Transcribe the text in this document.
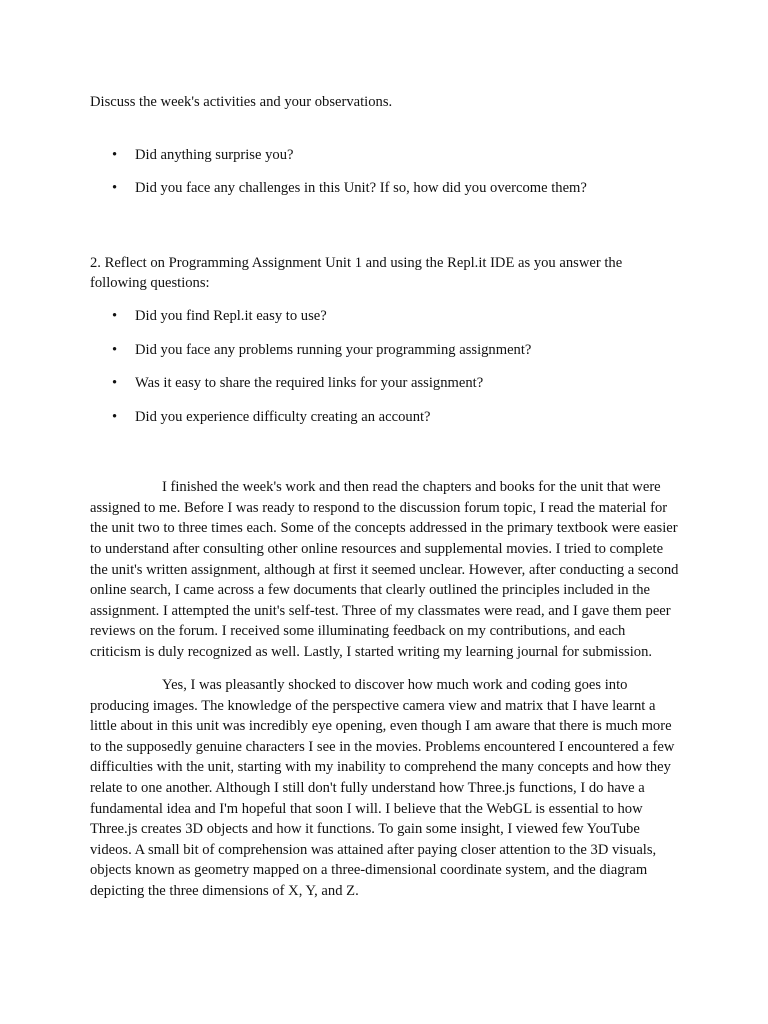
Discuss the week's activities and your observations.

• Did anything surprise you?
• Did you face any challenges in this Unit? If so, how did you overcome them?

2. Reflect on Programming Assignment Unit 1 and using the Repl.it IDE as you answer the following questions:

• Did you find Repl.it easy to use?
• Did you face any problems running your programming assignment?
• Was it easy to share the required links for your assignment?
• Did you experience difficulty creating an account?

I finished the week's work and then read the chapters and books for the unit that were assigned to me. Before I was ready to respond to the discussion forum topic, I read the material for the unit two to three times each. Some of the concepts addressed in the primary textbook were easier to understand after consulting other online resources and supplemental movies. I tried to complete the unit's written assignment, although at first it seemed unclear. However, after conducting a second online search, I came across a few documents that clearly outlined the principles included in the assignment. I attempted the unit's self-test. Three of my classmates were read, and I gave them peer reviews on the forum. I received some illuminating feedback on my contributions, and each criticism is duly recognized as well. Lastly, I started writing my learning journal for submission.

Yes, I was pleasantly shocked to discover how much work and coding goes into producing images. The knowledge of the perspective camera view and matrix that I have learnt a little about in this unit was incredibly eye opening, even though I am aware that there is much more to the supposedly genuine characters I see in the movies. Problems encountered I encountered a few difficulties with the unit, starting with my inability to comprehend the many concepts and how they relate to one another. Although I still don't fully understand how Three.js functions, I do have a fundamental idea and I'm hopeful that soon I will. I believe that the WebGL is essential to how Three.js creates 3D objects and how it functions. To gain some insight, I viewed few YouTube videos. A small bit of comprehension was attained after paying closer attention to the 3D visuals, objects known as geometry mapped on a three-dimensional coordinate system, and the diagram depicting the three dimensions of X, Y, and Z.
